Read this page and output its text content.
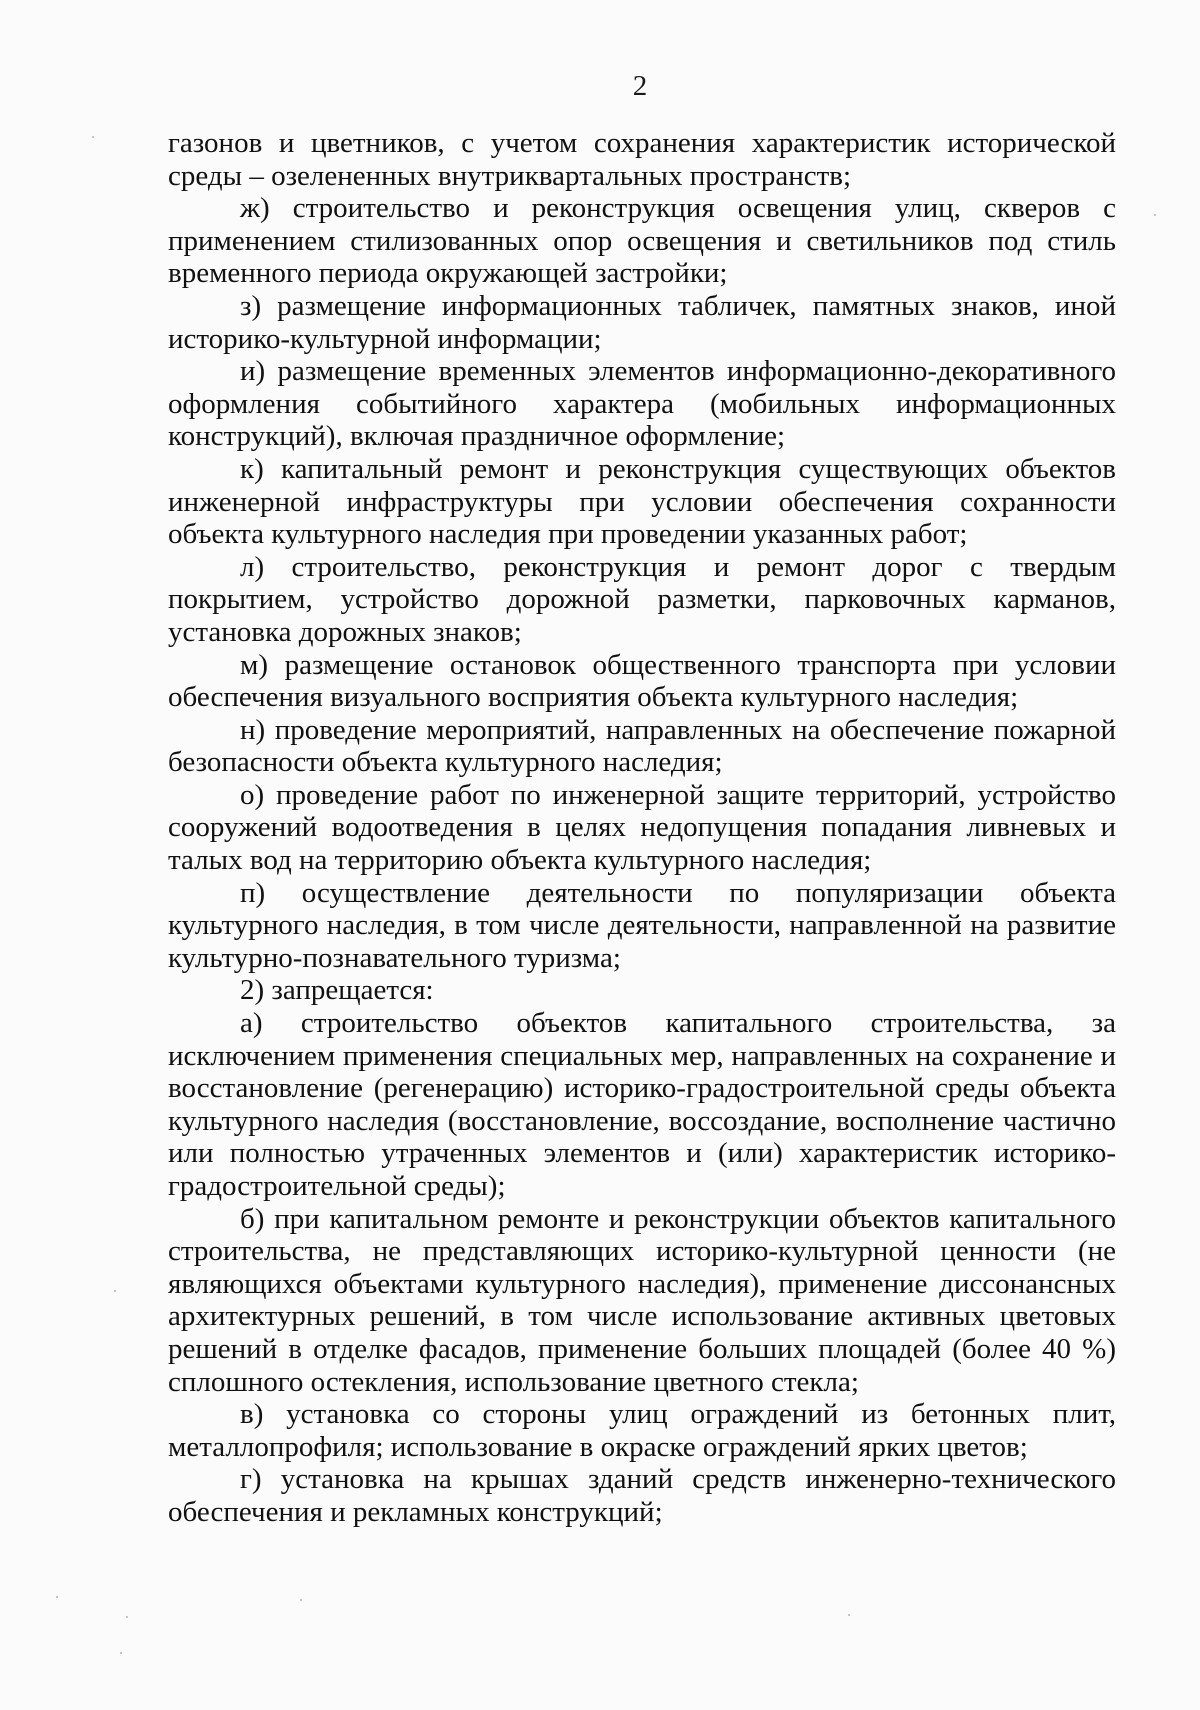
2

газонов и цветников, с учетом сохранения характеристик исторической среды – озелененных внутриквартальных пространств;

ж) строительство и реконструкция освещения улиц, скверов с применением стилизованных опор освещения и светильников под стиль временного периода окружающей застройки;

з) размещение информационных табличек, памятных знаков, иной историко-культурной информации;

и) размещение временных элементов информационно-декоративного оформления событийного характера (мобильных информационных конструкций), включая праздничное оформление;

к) капитальный ремонт и реконструкция существующих объектов инженерной инфраструктуры при условии обеспечения сохранности объекта культурного наследия при проведении указанных работ;

л) строительство, реконструкция и ремонт дорог с твердым покрытием, устройство дорожной разметки, парковочных карманов, установка дорожных знаков;

м) размещение остановок общественного транспорта при условии обеспечения визуального восприятия объекта культурного наследия;

н) проведение мероприятий, направленных на обеспечение пожарной безопасности объекта культурного наследия;

о) проведение работ по инженерной защите территорий, устройство сооружений водоотведения в целях недопущения попадания ливневых и талых вод на территорию объекта культурного наследия;

п) осуществление деятельности по популяризации объекта культурного наследия, в том числе деятельности, направленной на развитие культурно-познавательного туризма;

2) запрещается:

а) строительство объектов капитального строительства, за исключением применения специальных мер, направленных на сохранение и восстановление (регенерацию) историко-градостроительной среды объекта культурного наследия (восстановление, воссоздание, восполнение частично или полностью утраченных элементов и (или) характеристик историко-градостроительной среды);

б) при капитальном ремонте и реконструкции объектов капитального строительства, не представляющих историко-культурной ценности (не являющихся объектами культурного наследия), применение диссонансных архитектурных решений, в том числе использование активных цветовых решений в отделке фасадов, применение больших площадей (более 40 %) сплошного остекления, использование цветного стекла;

в) установка со стороны улиц ограждений из бетонных плит, металлопрофиля; использование в окраске ограждений ярких цветов;

г) установка на крышах зданий средств инженерно-технического обеспечения и рекламных конструкций;
